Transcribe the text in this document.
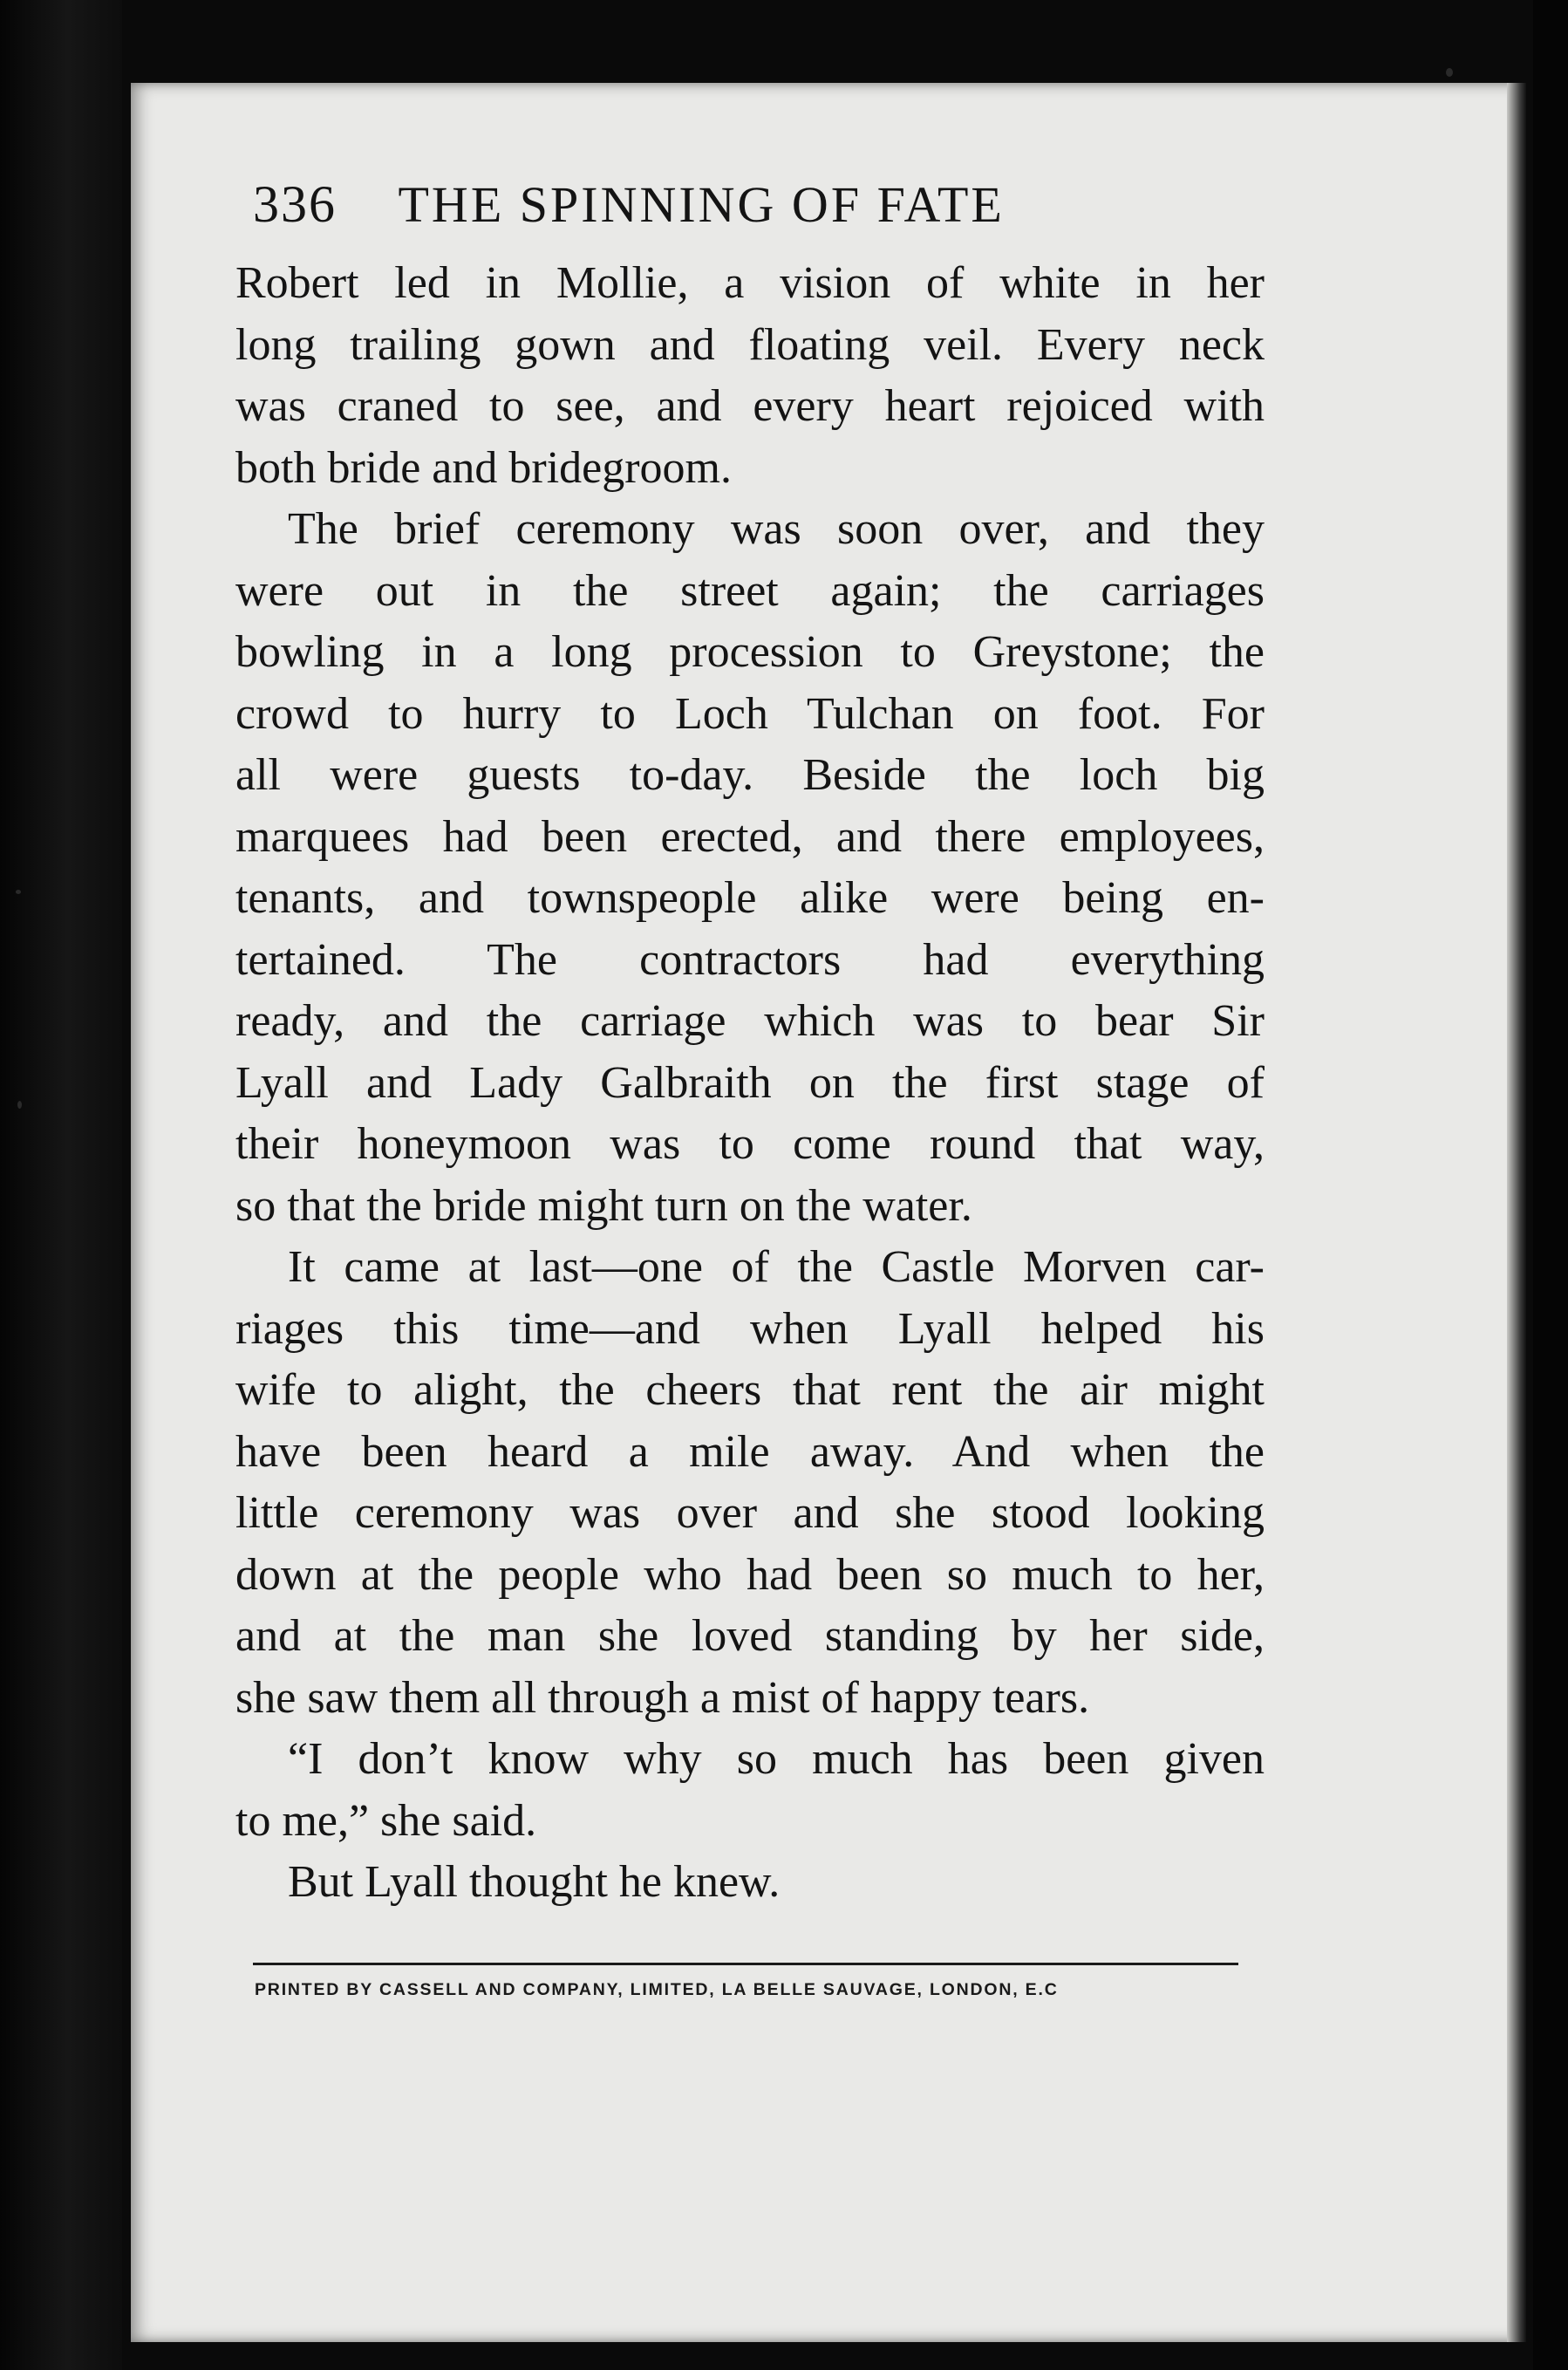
336 THE SPINNING OF FATE
Robert led in Mollie, a vision of white in her
long trailing gown and floating veil. Every neck
was craned to see, and every heart rejoiced with
both bride and bridegroom.
The brief ceremony was soon over, and they
were out in the street again; the carriages
bowling in a long procession to Greystone; the
crowd to hurry to Loch Tulchan on foot. For
all were guests to-day. Beside the loch big
marquees had been erected, and there employees,
tenants, and townspeople alike were being en-
tertained. The contractors had everything
ready, and the carriage which was to bear Sir
Lyall and Lady Galbraith on the first stage of
their honeymoon was to come round that way,
so that the bride might turn on the water.
It came at last—one of the Castle Morven car-
riages this time—and when Lyall helped his
wife to alight, the cheers that rent the air might
have been heard a mile away. And when the
little ceremony was over and she stood looking
down at the people who had been so much to her,
and at the man she loved standing by her side,
she saw them all through a mist of happy tears.
“I don’t know why so much has been given
to me,” she said.
But Lyall thought he knew.
PRINTED BY CASSELL AND COMPANY, LIMITED, LA BELLE SAUVAGE, LONDON, E.C
